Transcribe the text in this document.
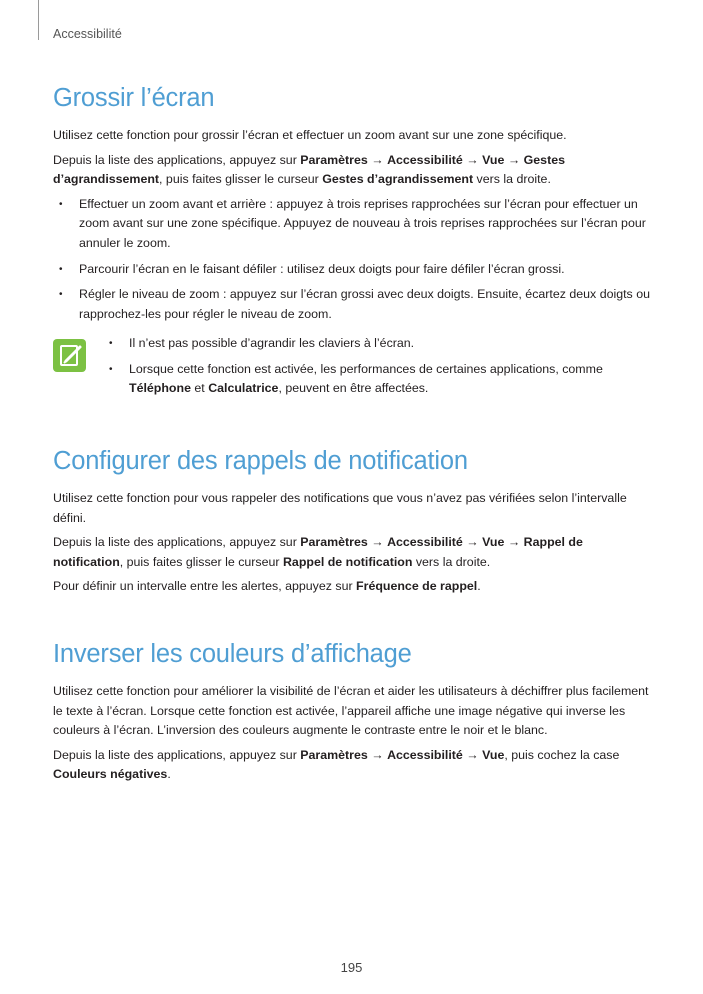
Accessibilité
Grossir l’écran

Utilisez cette fonction pour grossir l’écran et effectuer un zoom avant sur une zone spécifique.

Depuis la liste des applications, appuyez sur Paramètres → Accessibilité → Vue → Gestes d’agrandissement, puis faites glisser le curseur Gestes d’agrandissement vers la droite.

• Effectuer un zoom avant et arrière : appuyez à trois reprises rapprochées sur l’écran pour effectuer un zoom avant sur une zone spécifique. Appuyez de nouveau à trois reprises rapprochées sur l’écran pour annuler le zoom.
• Parcourir l’écran en le faisant défiler : utilisez deux doigts pour faire défiler l’écran grossi.
• Régler le niveau de zoom : appuyez sur l’écran grossi avec deux doigts. Ensuite, écartez deux doigts ou rapprochez-les pour régler le niveau de zoom.
• Il n’est pas possible d’agrandir les claviers à l’écran.
• Lorsque cette fonction est activée, les performances de certaines applications, comme Téléphone et Calculatrice, peuvent en être affectées.
Configurer des rappels de notification

Utilisez cette fonction pour vous rappeler des notifications que vous n’avez pas vérifiées selon l’intervalle défini.

Depuis la liste des applications, appuyez sur Paramètres → Accessibilité → Vue → Rappel de notification, puis faites glisser le curseur Rappel de notification vers la droite.

Pour définir un intervalle entre les alertes, appuyez sur Fréquence de rappel.

Inverser les couleurs d’affichage

Utilisez cette fonction pour améliorer la visibilité de l’écran et aider les utilisateurs à déchiffrer plus facilement le texte à l’écran. Lorsque cette fonction est activée, l’appareil affiche une image négative qui inverse les couleurs à l’écran. L’inversion des couleurs augmente le contraste entre le noir et le blanc.

Depuis la liste des applications, appuyez sur Paramètres → Accessibilité → Vue, puis cochez la case Couleurs négatives.

195
